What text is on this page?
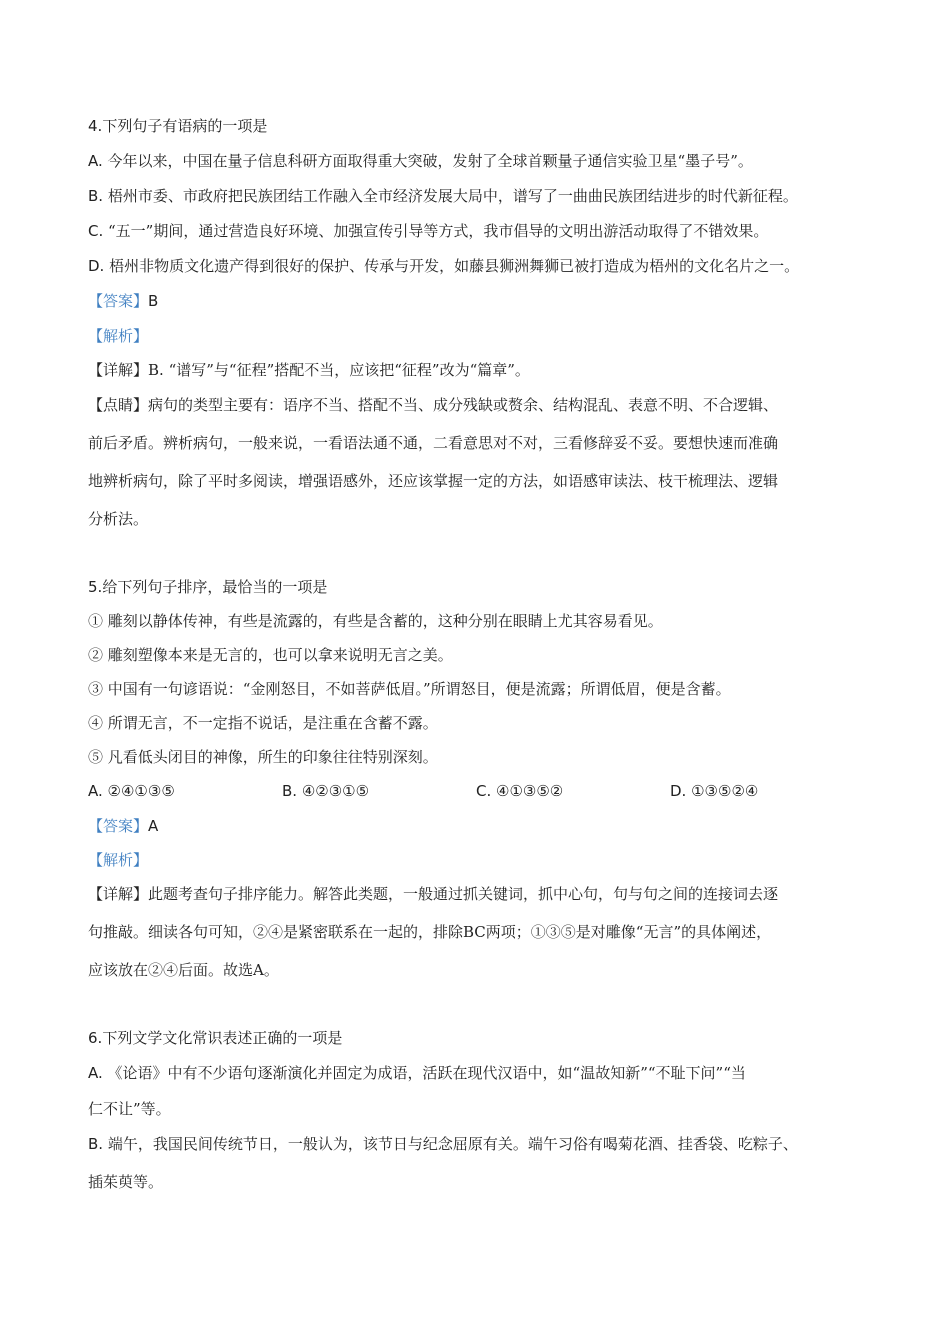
4.下列句子有语病的一项是
A. 今年以来，中国在量子信息科研方面取得重大突破，发射了全球首颗量子通信实验卫星“墨子号”。
B. 梧州市委、市政府把民族团结工作融入全市经济发展大局中，谱写了一曲曲民族团结进步的时代新征程。
C. “五一”期间，通过营造良好环境、加强宣传引导等方式，我市倡导的文明出游活动取得了不错效果。
D. 梧州非物质文化遗产得到很好的保护、传承与开发，如藤县狮洲舞狮已被打造成为梧州的文化名片之一。
【答案】B
【解析】
【详解】B. “谱写”与“征程”搭配不当，应该把“征程”改为“篇章”。
【点睛】病句的类型主要有：语序不当、搭配不当、成分残缺或赘余、结构混乱、表意不明、不合逻辑、
前后矛盾。辨析病句，一般来说，一看语法通不通，二看意思对不对，三看修辞妥不妥。要想快速而准确
地辨析病句，除了平时多阅读，增强语感外，还应该掌握一定的方法，如语感审读法、枝干梳理法、逻辑
分析法。
5.给下列句子排序，最恰当的一项是
① 雕刻以静体传神，有些是流露的，有些是含蓄的，这种分别在眼睛上尤其容易看见。
② 雕刻塑像本来是无言的，也可以拿来说明无言之美。
③ 中国有一句谚语说：“金刚怒目，不如菩萨低眉。”所谓怒目，便是流露；所谓低眉，便是含蓄。
④ 所谓无言，不一定指不说话，是注重在含蓄不露。
⑤ 凡看低头闭目的神像，所生的印象往往特别深刻。
A. ②④①③⑤	B. ④②③①⑤	C. ④①③⑤②	D. ①③⑤②④
【答案】A
【解析】
【详解】此题考查句子排序能力。解答此类题，一般通过抓关键词，抓中心句，句与句之间的连接词去逐
句推敲。细读各句可知，②④是紧密联系在一起的，排除BC两项；①③⑤是对雕像“无言”的具体阐述，
应该放在②④后面。故选A。
6.下列文学文化常识表述正确的一项是
A. 《论语》中有不少语句逐渐演化并固定为成语，活跃在现代汉语中，如“温故知新”“不耻下问”“当
仁不让”等。
B. 端午，我国民间传统节日，一般认为，该节日与纪念屈原有关。端午习俗有喝菊花酒、挂香袋、吃粽子、
插茱萸等。
